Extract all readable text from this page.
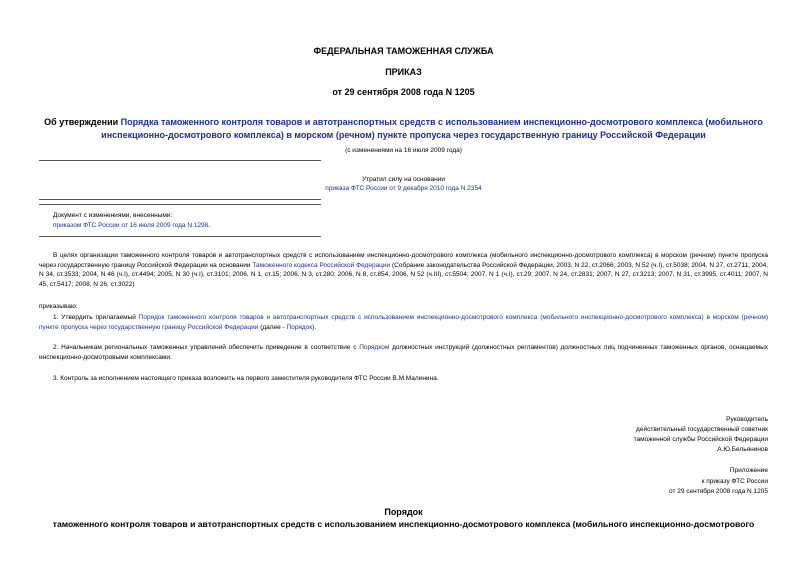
ФЕДЕРАЛЬНАЯ ТАМОЖЕННАЯ СЛУЖБА
ПРИКАЗ
от 29 сентября 2008 года N 1205
Об утверждении Порядка таможенного контроля товаров и автотранспортных средств с использованием инспекционно-досмотрового комплекса (мобильного инспекционно-досмотрового комплекса) в морском (речном) пункте пропуска через государственную границу Российской Федерации
(с изменениями на 16 июля 2009 года)
Утратил силу на основании
приказа ФТС России от 9 декабря 2010 года N 2354
Документ с изменениями, внесенными:
приказом ФТС России от 16 июля 2009 года N 1298.
В целях организации таможенного контроля товаров и автотранспортных средств с использованием инспекционно-досмотрового комплекса (мобильного инспекционно-досмотрового комплекса) в морском (речном) пункте пропуска через государственную границу Российской Федерации на основании Таможенного кодекса Российской Федерации (Собрание законодательства Российской Федерации, 2003, N 22, ст.2066; 2003, N 52 (ч.I), ст.5038; 2004, N 27, ст.2711; 2004, N 34, ст.3533; 2004, N 46 (ч.I), ст.4494; 2005, N 30 (ч.I), ст.3101; 2006, N 1, ст.15; 2006, N 3, ст.280; 2006, N 8, ст.854, 2006, N 52 (ч.III), ст.5504; 2007, N 1 (ч.I), ст.29; 2007, N 24, ст.2831; 2007, N 27, ст.3213; 2007, N 31, ст.3995, ст.4011; 2007, N 45, ст.5417; 2008, N 26, ст.3022)
приказываю:
1. Утвердить прилагаемый Порядок таможенного контроля товаров и автотранспортных средств с использованием инспекционно-досмотрового комплекса (мобильного инспекционно-досмотрового комплекса) в морском (речном) пункте пропуска через государственную границу Российской Федерации (далее - Порядок).
2. Начальникам региональных таможенных управлений обеспечить приведение в соответствие с Порядком должностных инструкций (должностных регламентов) должностных лиц подчиненных таможенных органов, оснащаемых инспекционно-досмотровыми комплексами.
3. Контроль за исполнением настоящего приказа возложить на первого заместителя руководителя ФТС России В.М.Малинина.
Руководитель
действительный государственный советник
таможенной службы Российской Федерации
А.Ю.Бельянинов
Приложение
к приказу ФТС России
от 29 сентября 2008 года N 1205
Порядок
таможенного контроля товаров и автотранспортных средств с использованием инспекционно-досмотрового комплекса (мобильного инспекционно-досмотрового
